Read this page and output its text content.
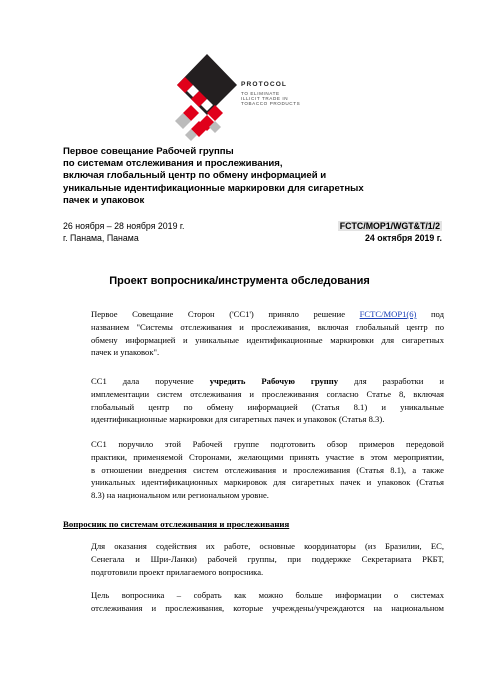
PROTOCOL
TO ELIMINATE
ILLICIT TRADE IN
TOBACCO PRODUCTS
Первое совещание Рабочей группы
по системам отслеживания и прослеживания,
включая глобальный центр по обмену информацией и
уникальные идентификационные маркировки для сигаретных
пачек и упаковок
26 ноября – 28 ноября 2019 г.
г. Панама, Панама
FCTC/MOP1/WGT&T/1/2
24 октября 2019 г.
Проект вопросника/инструмента обследования

Первое Совещание Сторон ('СС1') приняло решение FCTC/MOP1(6) под
названием "Системы отслеживания и прослеживания, включая глобальный центр по
обмену информацией и уникальные идентификационные маркировки для сигаретных
пачек и упаковок".

СС1 дала поручение учредить Рабочую группу для разработки и
имплементации систем отслеживания и прослеживания согласно Статье 8, включая
глобальный центр по обмену информацией (Статья 8.1) и уникальные
идентификационные маркировки для сигаретных пачек и упаковок (Статья 8.3).

СС1 поручило этой Рабочей группе подготовить обзор примеров передовой
практики, применяемой Сторонами, желающими принять участие в этом мероприятии,
в отношении внедрения систем отслеживания и прослеживания (Статья 8.1), а также
уникальных идентификационных маркировок для сигаретных пачек и упаковок (Статья
8.3) на национальном или региональном уровне.

Вопросник по системам отслеживания и прослеживания

Для оказания содействия их работе, основные координаторы (из Бразилии, ЕС,
Сенегала и Шри-Ланки) рабочей группы, при поддержке Секретариата РКБТ,
подготовили проект прилагаемого вопросника.

Цель вопросника – собрать как можно больше информации о системах
отслеживания и прослеживания, которые учреждены/учреждаются на национальном
